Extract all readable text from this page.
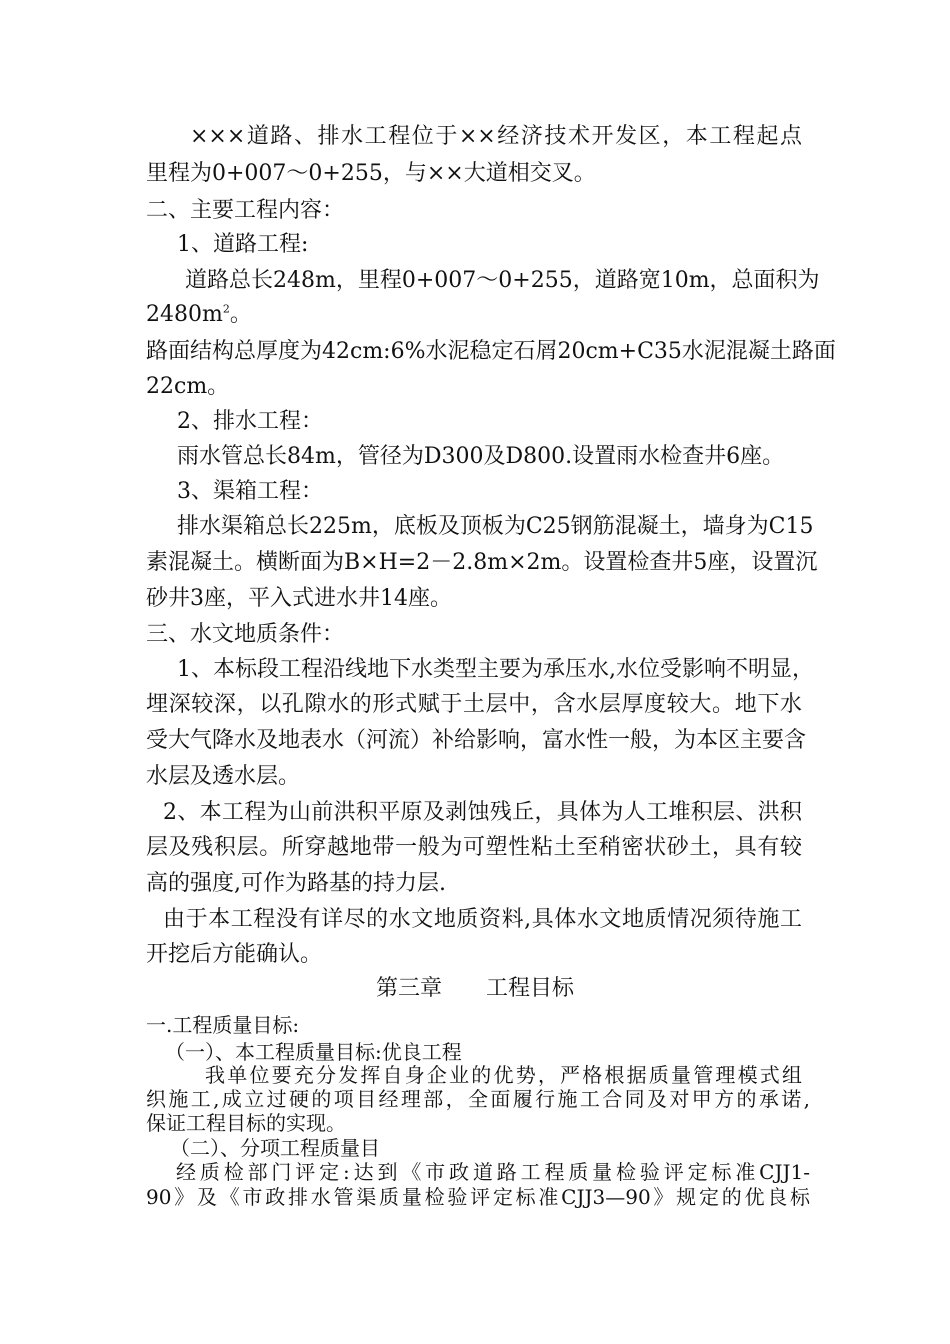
×××道路、排水工程位于××经济技术开发区，本工程起点
里程为0+007～0+255，与××大道相交叉。
二、主要工程内容：
1、道路工程:
道路总长248m，里程0+007～0+255，道路宽10m，总面积为
$2480m^2$。
路面结构总厚度为42cm:6%水泥稳定石屑20cm+C35水泥混凝土路面
22cm。
2、排水工程：
雨水管总长84m，管径为D300及D800.设置雨水检查井6座。
3、渠箱工程：
排水渠箱总长225m，底板及顶板为C25钢筋混凝土，墙身为C15
素混凝土。横断面为B×H=2－2.8m×2m。设置检查井5座，设置沉
砂井3座，平入式进水井14座。
三、水文地质条件：
1、本标段工程沿线地下水类型主要为承压水,水位受影响不明显，
埋深较深，以孔隙水的形式赋于土层中，含水层厚度较大。地下水
受大气降水及地表水（河流）补给影响，富水性一般，为本区主要含
水层及透水层。
2、本工程为山前洪积平原及剥蚀残丘，具体为人工堆积层、洪积
层及残积层。所穿越地带一般为可塑性粘土至稍密状砂土，具有较
高的强度,可作为路基的持力层.
由于本工程没有详尽的水文地质资料,具体水文地质情况须待施工
开挖后方能确认。
第三章　　工程目标
一.工程质量目标:
（一）、本工程质量目标:优良工程
我单位要充分发挥自身企业的优势，严格根据质量管理模式组
织施工,成立过硬的项目经理部，全面履行施工合同及对甲方的承诺,
保证工程目标的实现。
（二）、分项工程质量目
经质检部门评定:达到《市政道路工程质量检验评定标准CJJ1-
90》及《市政排水管渠质量检验评定标准CJJ3—90》规定的优良标
